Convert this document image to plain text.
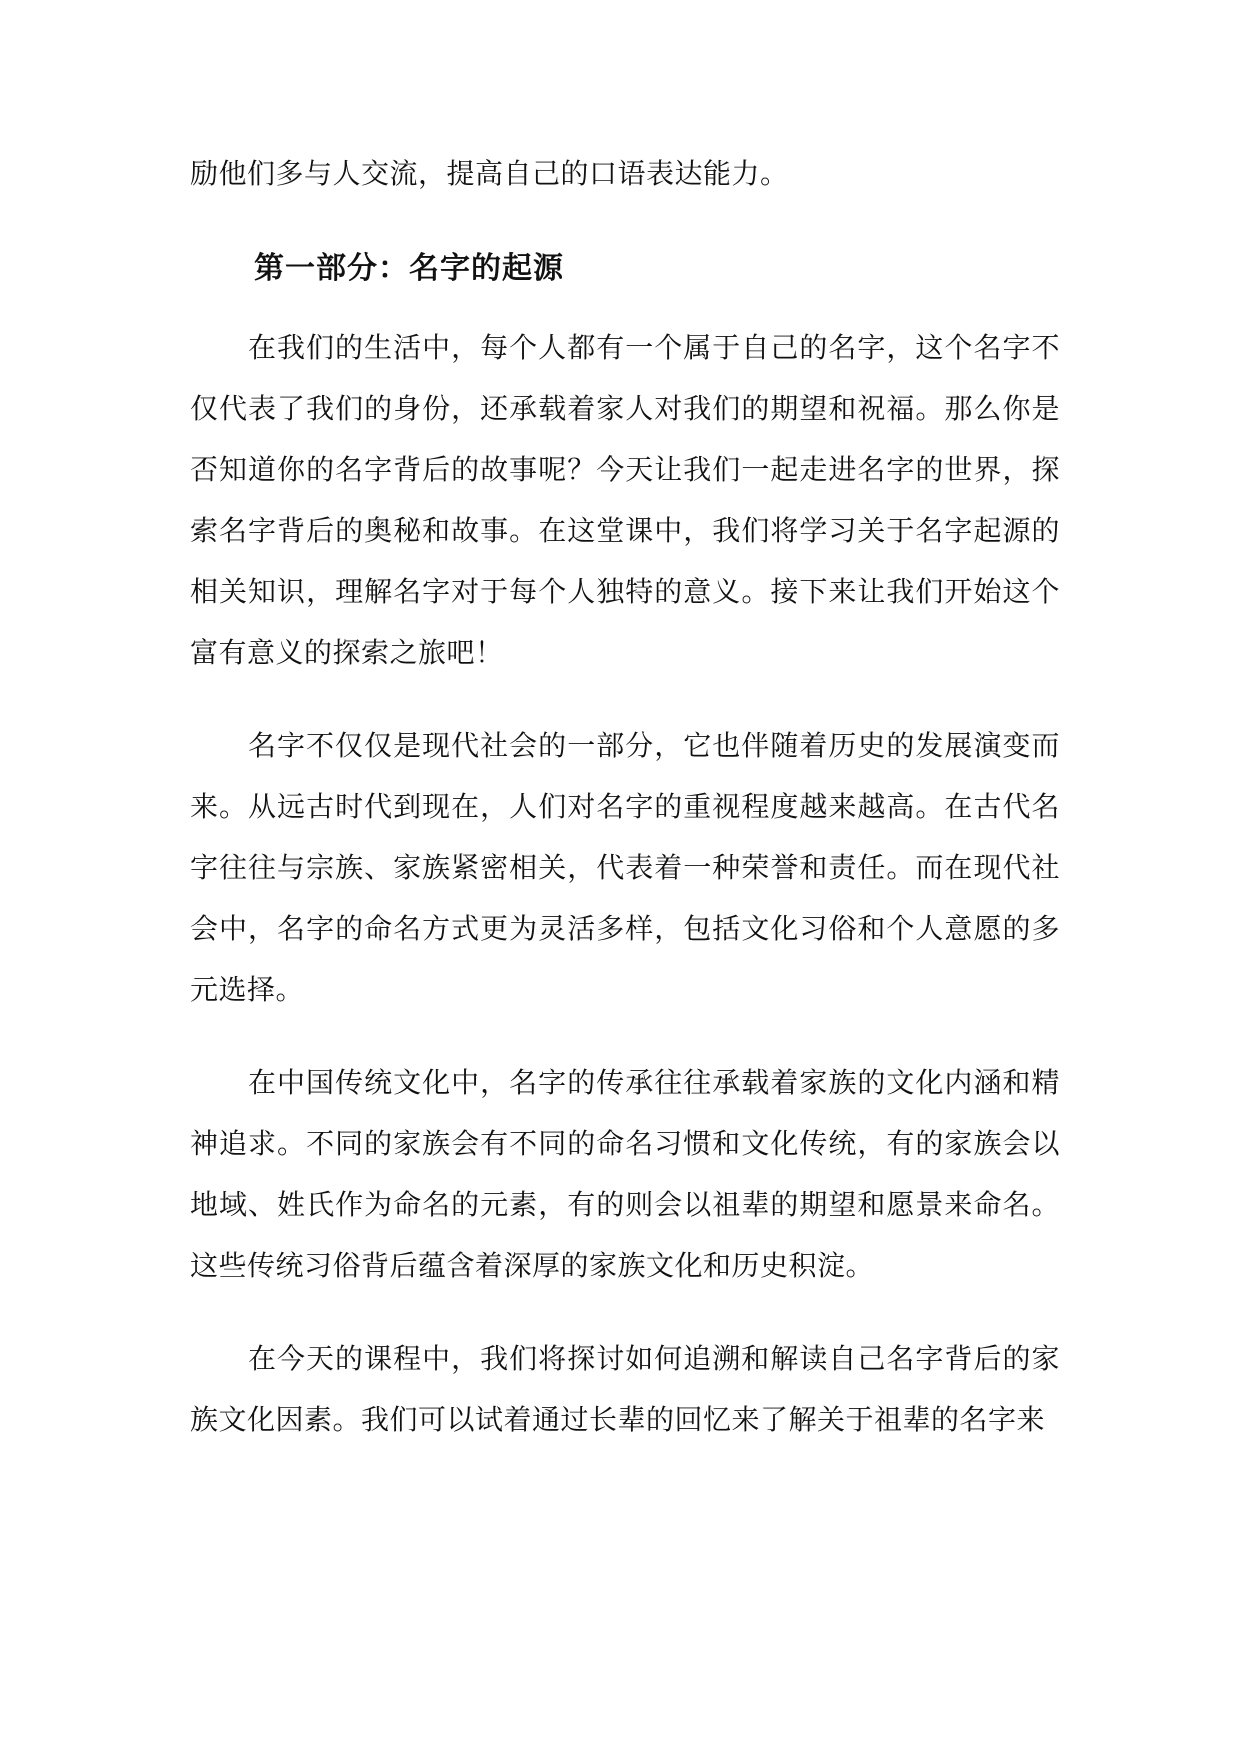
励他们多与人交流，提高自己的口语表达能力。

第一部分：名字的起源

在我们的生活中，每个人都有一个属于自己的名字，这个名字不仅代表了我们的身份，还承载着家人对我们的期望和祝福。那么你是否知道你的名字背后的故事呢？今天让我们一起走进名字的世界，探索名字背后的奥秘和故事。在这堂课中，我们将学习关于名字起源的相关知识，理解名字对于每个人独特的意义。接下来让我们开始这个富有意义的探索之旅吧！

名字不仅仅是现代社会的一部分，它也伴随着历史的发展演变而来。从远古时代到现在，人们对名字的重视程度越来越高。在古代名字往往与宗族、家族紧密相关，代表着一种荣誉和责任。而在现代社会中，名字的命名方式更为灵活多样，包括文化习俗和个人意愿的多元选择。

在中国传统文化中，名字的传承往往承载着家族的文化内涵和精神追求。不同的家族会有不同的命名习惯和文化传统，有的家族会以地域、姓氏作为命名的元素，有的则会以祖辈的期望和愿景来命名。这些传统习俗背后蕴含着深厚的家族文化和历史积淀。

在今天的课程中，我们将探讨如何追溯和解读自己名字背后的家族文化因素。我们可以试着通过长辈的回忆来了解关于祖辈的名字来
